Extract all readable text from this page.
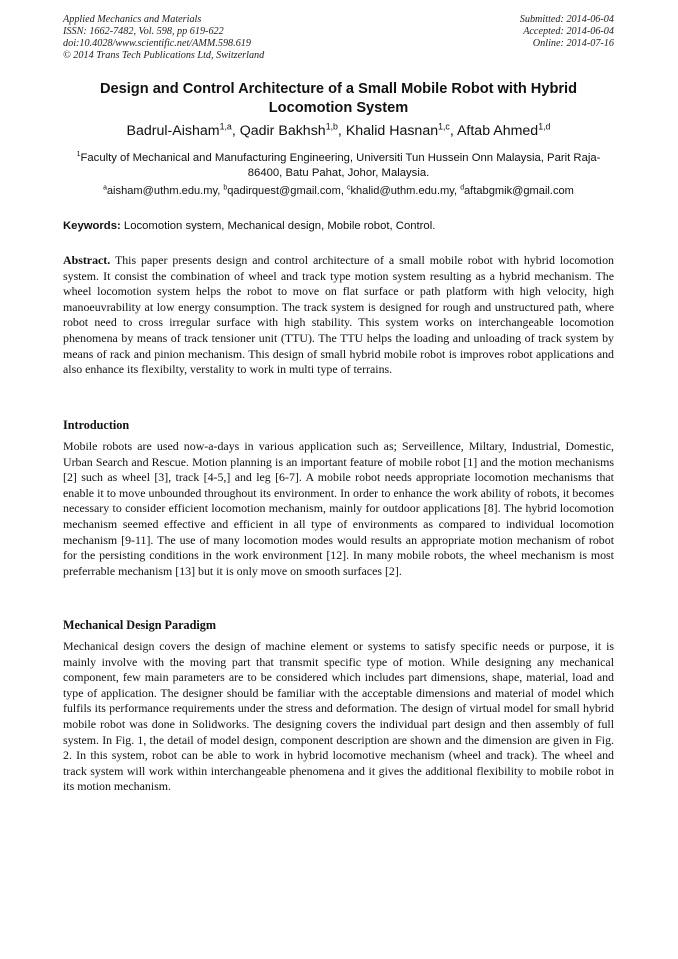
Applied Mechanics and Materials
ISSN: 1662-7482, Vol. 598, pp 619-622
doi:10.4028/www.scientific.net/AMM.598.619
© 2014 Trans Tech Publications Ltd, Switzerland
Submitted: 2014-06-04
Accepted: 2014-06-04
Online: 2014-07-16
Design and Control Architecture of a Small Mobile Robot with Hybrid Locomotion System
Badrul-Aisham$^{1,a}$, Qadir Bakhsh$^{1,b}$, Khalid Hasnan$^{1,c}$, Aftab Ahmed$^{1,d}$
$^1$Faculty of Mechanical and Manufacturing Engineering, Universiti Tun Hussein Onn Malaysia, Parit Raja-86400, Batu Pahat, Johor, Malaysia.
$^a$aisham@uthm.edu.my, $^b$qadirquest@gmail.com, $^c$khalid@uthm.edu.my, $^d$aftabgmik@gmail.com
Keywords: Locomotion system, Mechanical design, Mobile robot, Control.
Abstract. This paper presents design and control architecture of a small mobile robot with hybrid locomotion system. It consist the combination of wheel and track type motion system resulting as a hybrid mechanism. The wheel locomotion system helps the robot to move on flat surface or path platform with high velocity, high manoeuvrability at low energy consumption. The track system is designed for rough and unstructured path, where robot need to cross irregular surface with high stability. This system works on interchangeable locomotion phenomena by means of track tensioner unit (TTU). The TTU helps the loading and unloading of track system by means of rack and pinion mechanism. This design of small hybrid mobile robot is improves robot applications and also enhance its flexibilty, verstality to work in multi type of terrains.
Introduction
Mobile robots are used now-a-days in various application such as; Serveillence, Miltary, Industrial, Domestic, Urban Search and Rescue. Motion planning is an important feature of mobile robot [1] and the motion mechanisms [2] such as wheel [3], track [4-5,] and leg [6-7]. A mobile robot needs appropriate locomotion mechanisms that enable it to move unbounded throughout its environment. In order to enhance the work ability of robots, it becomes necessary to consider efficient locomotion mechanism, mainly for outdoor applications [8]. The hybrid locomotion mechanism seemed effective and efficient in all type of environments as compared to individual locomotion mechanism [9-11]. The use of many locomotion modes would results an appropriate motion mechanism of robot for the persisting conditions in the work environment [12]. In many mobile robots, the wheel mechanism is most preferrable mechanism [13] but it is only move on smooth surfaces [2].
Mechanical Design Paradigm
Mechanical design covers the design of machine element or systems to satisfy specific needs or purpose, it is mainly involve with the moving part that transmit specific type of motion. While designing any mechanical component, few main parameters are to be considered which includes part dimensions, shape, material, load and type of application. The designer should be familiar with the acceptable dimensions and material of model which fulfils its performance requirements under the stress and deformation. The design of virtual model for small hybrid mobile robot was done in Solidworks. The designing covers the individual part design and then assembly of full system. In Fig. 1, the detail of model design, component description are shown and the dimension are given in Fig. 2. In this system, robot can be able to work in hybrid locomotive mechanism (wheel and track). The wheel and track system will work within interchangeable phenomena and it gives the additional flexibility to mobile robot in its motion mechanism.
